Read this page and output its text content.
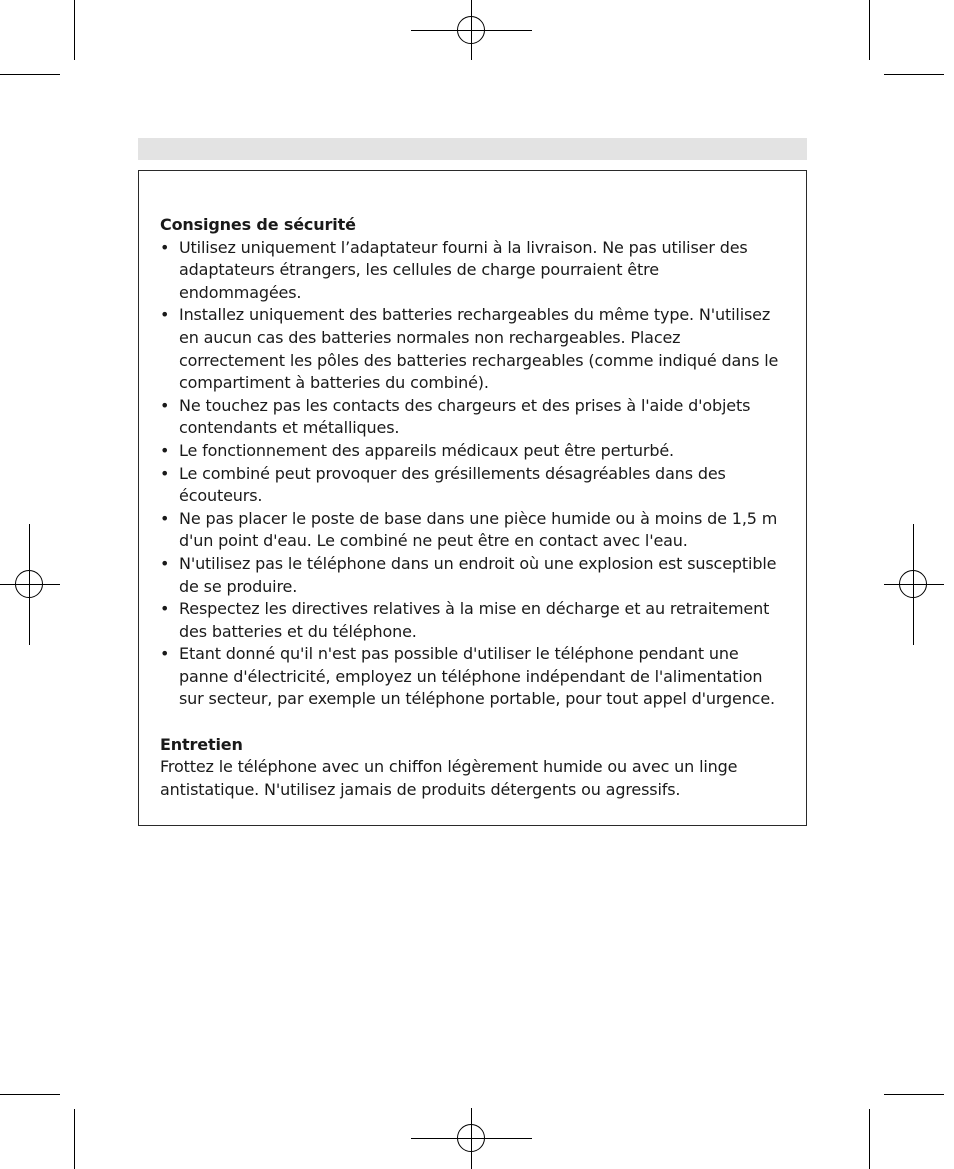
Consignes de sécurité

• Utilisez uniquement l’adaptateur fourni à la livraison. Ne pas utiliser des adaptateurs étrangers, les cellules de charge pourraient être endommagées.
• Installez uniquement des batteries rechargeables du même type. N'utilisez en aucun cas des batteries normales non rechargeables. Placez correctement les pôles des batteries rechargeables (comme indiqué dans le compartiment à batteries du combiné).
• Ne touchez pas les contacts des chargeurs et des prises à l'aide d'objets contendants et métalliques.
• Le fonctionnement des appareils médicaux peut être perturbé.
• Le combiné peut provoquer des grésillements désagréables dans des écouteurs.
• Ne pas placer le poste de base dans une pièce humide ou à moins de 1,5 m d'un point d'eau. Le combiné ne peut être en contact avec l'eau.
• N'utilisez pas le téléphone dans un endroit où une explosion est susceptible de se produire.
• Respectez les directives relatives à la mise en décharge et au retraitement des batteries et du téléphone.
• Etant donné qu'il n'est pas possible d'utiliser le téléphone pendant une panne d'électricité, employez un téléphone indépendant de l'alimentation sur secteur, par exemple un téléphone portable, pour tout appel d'urgence.

Entretien

Frottez le téléphone avec un chiffon légèrement humide ou avec un linge antistatique. N'utilisez jamais de produits détergents ou agressifs.
